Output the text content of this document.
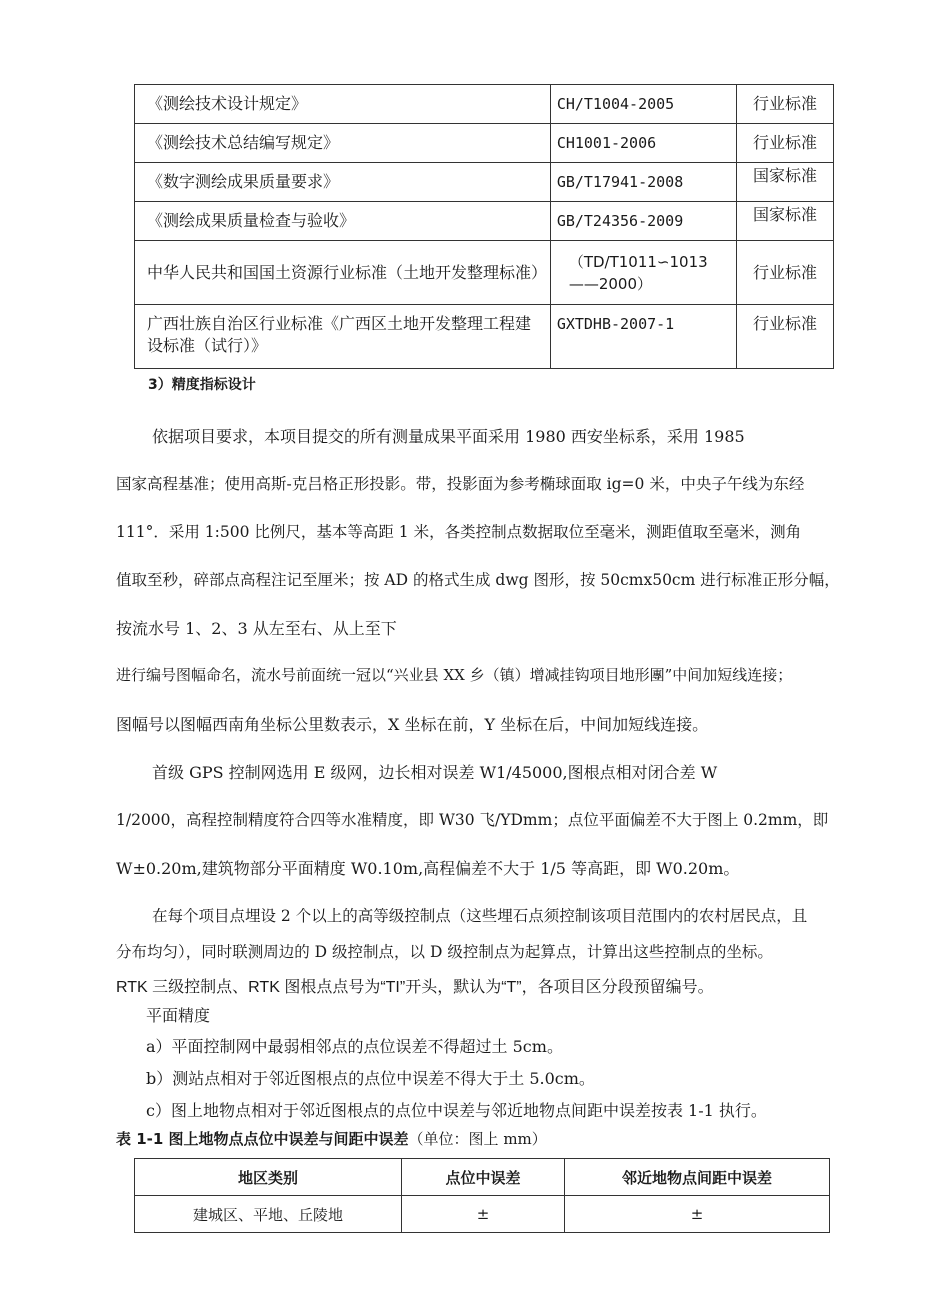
《测绘技术设计规定》	CH/T1004-2005	行业标准
《测绘技术总结编写规定》	CH1001-2006	行业标准
《数字测绘成果质量要求》	GB/T17941-2008	国家标准
《测绘成果质量检查与验收》	GB/T24356-2009	国家标准
中华人民共和国国土资源行业标准（土地开发整理标准）	（TD/T1011∽1013——2000）	行业标准
广西壮族自治区行业标准《广西区土地开发整理工程建设标准（试行）》	GXTDHB-2007-1	行业标准
3）精度指标设计
依据项目要求，本项目提交的所有测量成果平面采用 1980 西安坐标系，采用 1985
国家高程基准；使用高斯-克吕格正形投影。带，投影面为参考椭球面取 ig=0 米，中央子午线为东经
111°．采用 1:500 比例尺，基本等高距 1 米，各类控制点数据取位至毫米，测距值取至毫米，测角
值取至秒，碎部点高程注记至厘米；按 AD 的格式生成 dwg 图形，按 50cmx50cm 进行标准正形分幅，
按流水号 1、2、3 从左至右、从上至下
进行编号图幅命名，流水号前面统一冠以“兴业县 XX 乡（镇）增减挂钩项目地形團”中间加短线连接；
图幅号以图幅西南角坐标公里数表示，X 坐标在前，Y 坐标在后，中间加短线连接。
首级 GPS 控制网选用 E 级网，边长相对误差 W1/45000,图根点相对闭合差 W
1/2000，高程控制精度符合四等水准精度，即 W30 飞/YDmm；点位平面偏差不大于图上 0.2mm，即
W±0.20m,建筑物部分平面精度 W0.10m,高程偏差不大于 1/5 等高距，即 W0.20m。
在每个项目点埋设 2 个以上的高等级控制点（这些埋石点须控制该项目范围内的农村居民点，且
分布均匀），同时联测周边的 D 级控制点，以 D 级控制点为起算点，计算出这些控制点的坐标。
RTK 三级控制点、RTK 图根点点号为“TI”开头，默认为“T”，各项目区分段预留编号。
平面精度
a）平面控制网中最弱相邻点的点位误差不得超过土 5cm。
b）测站点相对于邻近图根点的点位中误差不得大于土 5.0cm。
c）图上地物点相对于邻近图根点的点位中误差与邻近地物点间距中误差按表 1-1 执行。
表 1-1 图上地物点点位中误差与间距中误差（单位：图上 mm）
地区类别	点位中误差	邻近地物点间距中误差
建城区、平地、丘陵地	±	±
